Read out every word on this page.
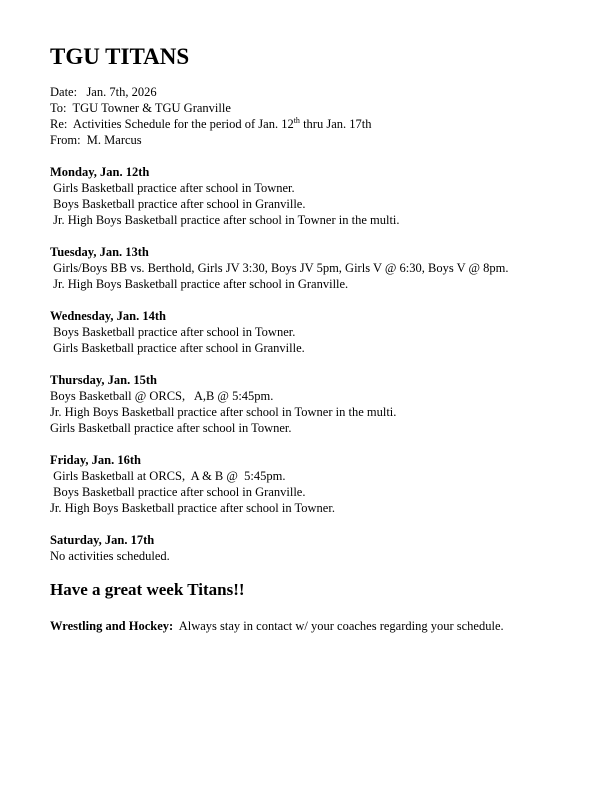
TGU TITANS
Date:   Jan. 7th, 2026
To:  TGU Towner & TGU Granville
Re:  Activities Schedule for the period of Jan. 12th thru Jan. 17th
From:  M. Marcus
Monday, Jan. 12th
Girls Basketball practice after school in Towner.
Boys Basketball practice after school in Granville.
Jr. High Boys Basketball practice after school in Towner in the multi.
Tuesday, Jan. 13th
Girls/Boys BB vs. Berthold, Girls JV 3:30, Boys JV 5pm, Girls V @ 6:30, Boys V @ 8pm.
Jr. High Boys Basketball practice after school in Granville.
Wednesday, Jan. 14th
Boys Basketball practice after school in Towner.
Girls Basketball practice after school in Granville.
Thursday, Jan. 15th
Boys Basketball @ ORCS,   A,B @ 5:45pm.
Jr. High Boys Basketball practice after school in Towner in the multi.
Girls Basketball practice after school in Towner.
Friday, Jan. 16th
Girls Basketball at ORCS,  A & B @  5:45pm.
Boys Basketball practice after school in Granville.
Jr. High Boys Basketball practice after school in Towner.
Saturday, Jan. 17th
No activities scheduled.
Have a great week Titans!!
Wrestling and Hockey:  Always stay in contact w/ your coaches regarding your schedule.
